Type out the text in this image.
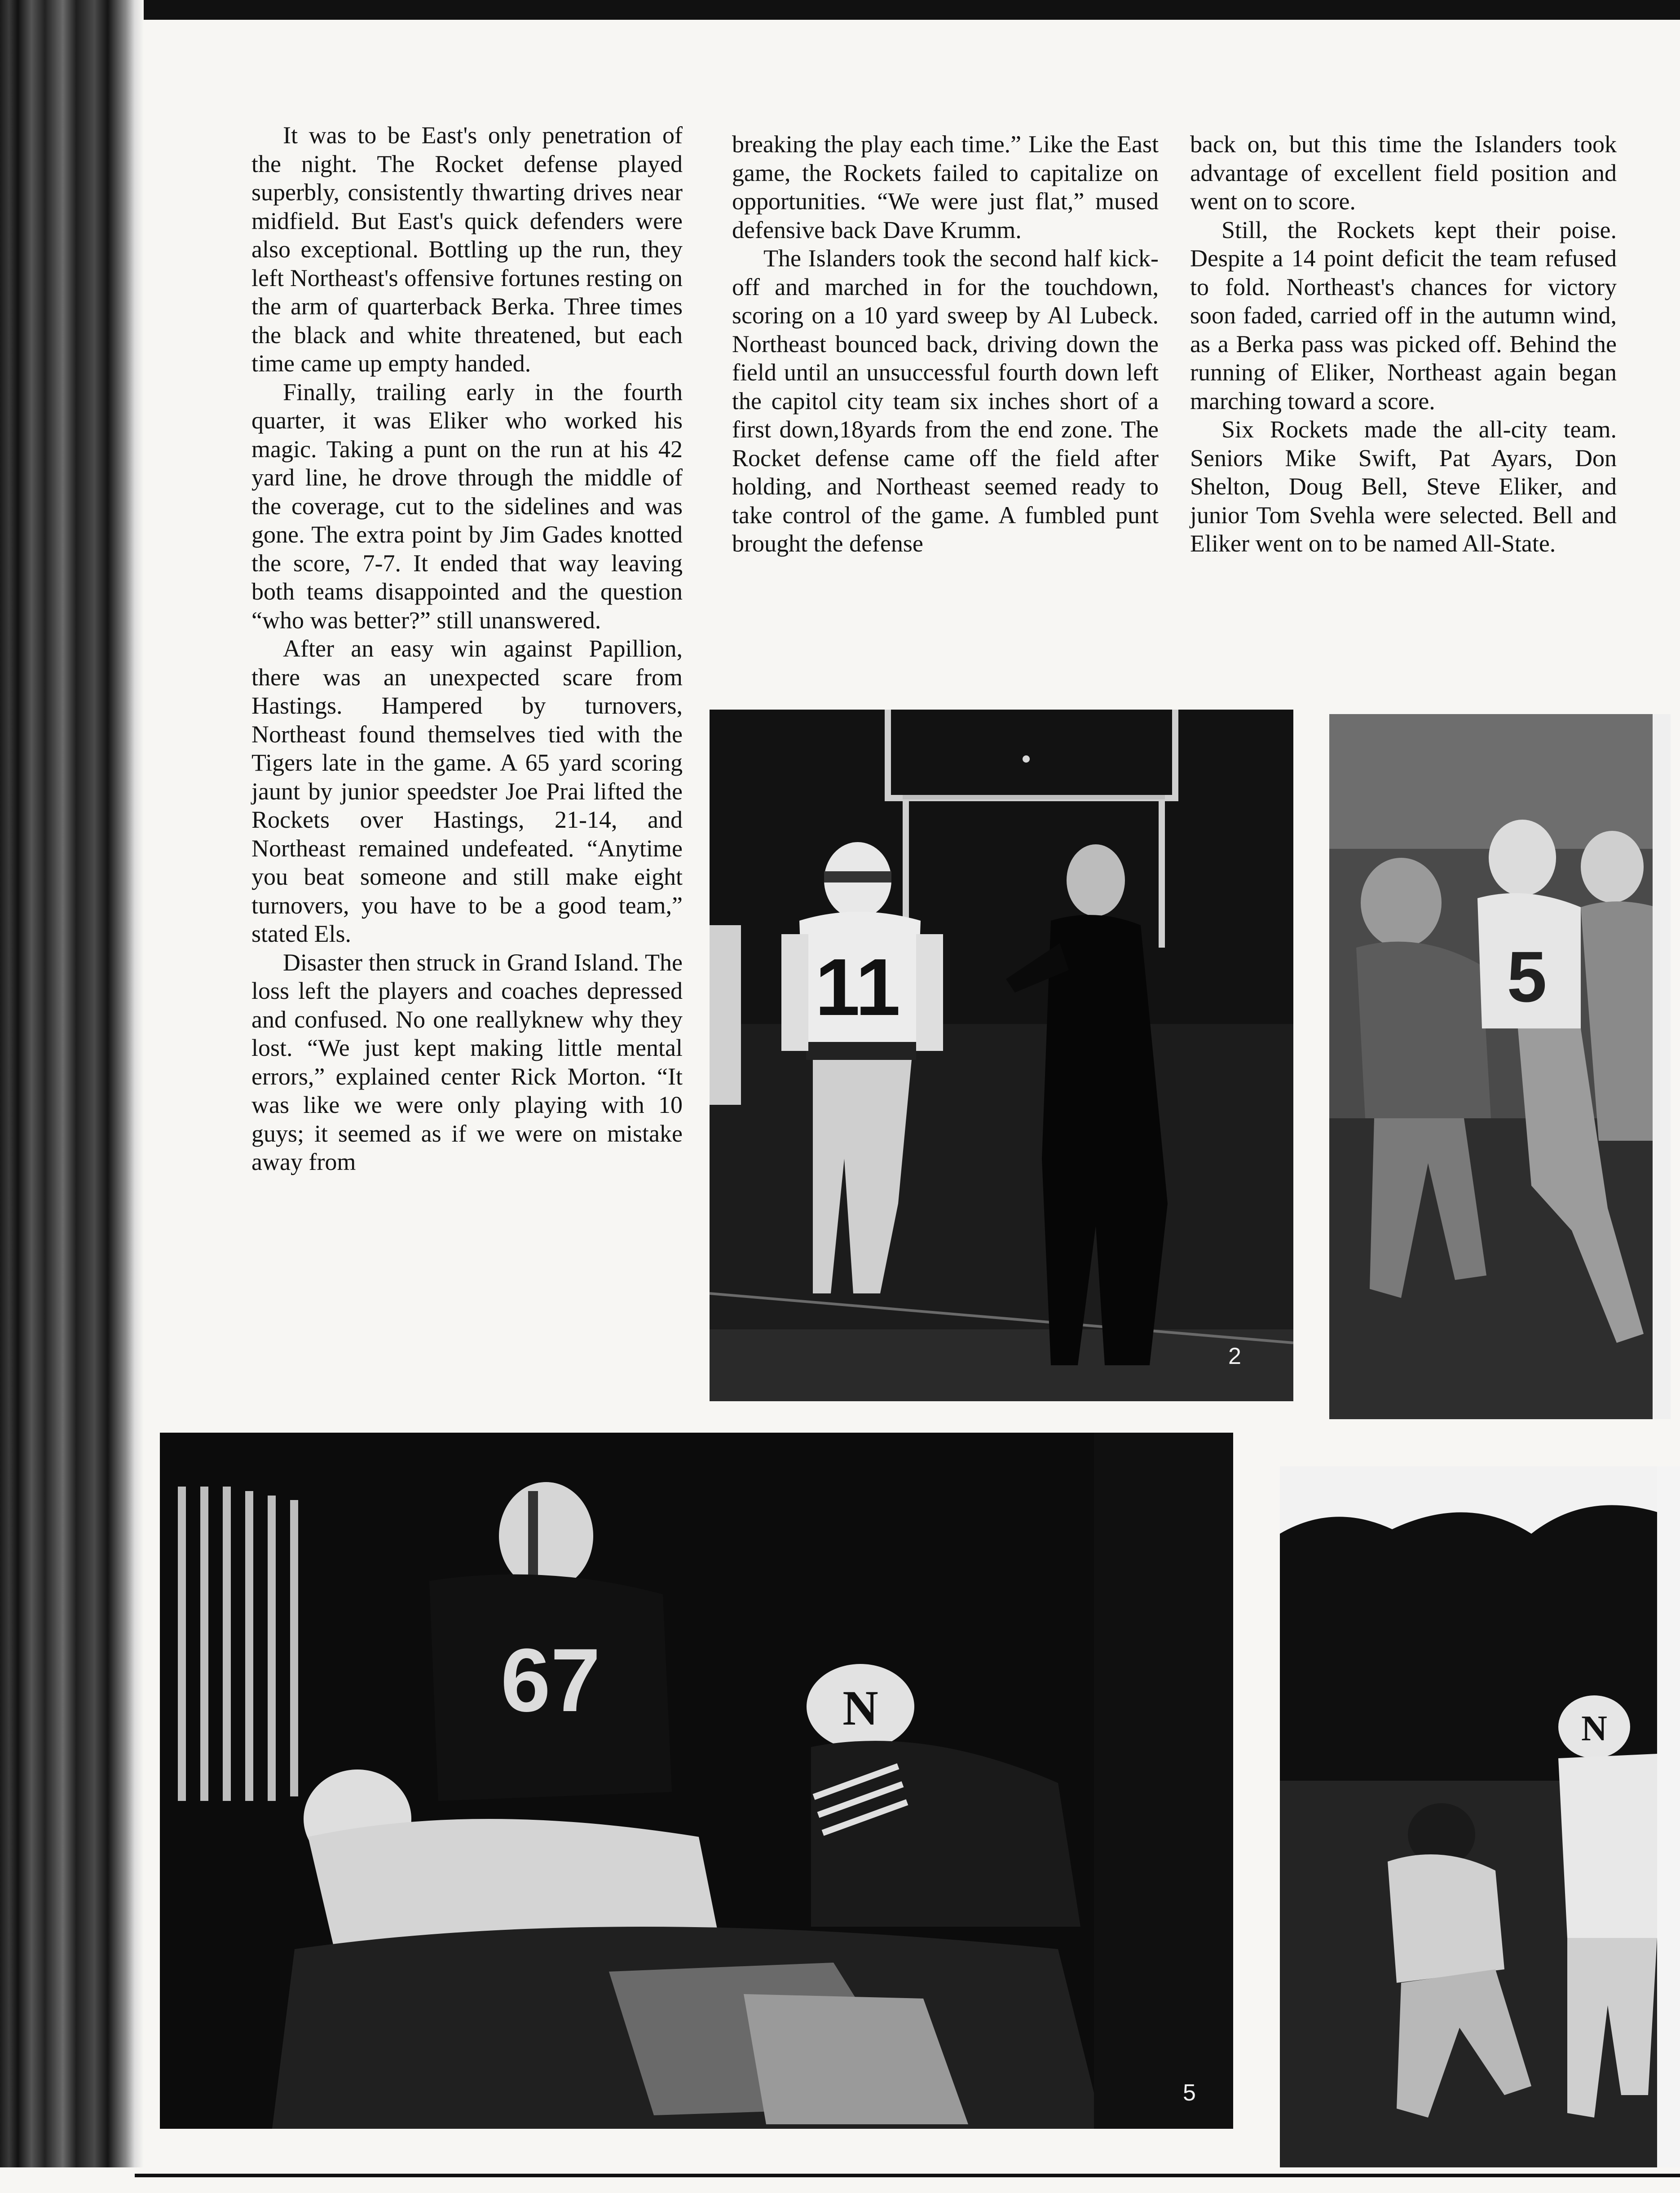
It was to be East's only penetration of the night. The Rocket defense played superbly, consistently thwarting drives near midfield. But East's quick defenders were also exceptional. Bottling up the run, they left Northeast's offensive fortunes resting on the arm of quarterback Berka. Three times the black and white threatened, but each time came up empty handed.

Finally, trailing early in the fourth quarter, it was Eliker who worked his magic. Taking a punt on the run at his 42 yard line, he drove through the middle of the coverage, cut to the sidelines and was gone. The extra point by Jim Gades knotted the score, 7-7. It ended that way leaving both teams disappointed and the question “who was better?” still unanswered.

After an easy win against Papillion, there was an unexpected scare from Hastings. Hampered by turnovers, Northeast found themselves tied with the Tigers late in the game. A 65 yard scoring jaunt by junior speedster Joe Prai lifted the Rockets over Hastings, 21-14, and Northeast remained undefeated. “Anytime you beat someone and still make eight turnovers, you have to be a good team,” stated Els.

Disaster then struck in Grand Island. The loss left the players and coaches depressed and confused. No one reallyknew why they lost. “We just kept making little mental errors,” explained center Rick Morton. “It was like we were only playing with 10 guys; it seemed as if we were on mistake away from

breaking the play each time.” Like the East game, the Rockets failed to capitalize on opportunities. “We were just flat,” mused defensive back Dave Krumm.

The Islanders took the second half kick-off and marched in for the touchdown, scoring on a 10 yard sweep by Al Lubeck. Northeast bounced back, driving down the field until an unsuccessful fourth down left the capitol city team six inches short of a first down,18yards from the end zone. The Rocket defense came off the field after holding, and Northeast seemed ready to take control of the game. A fumbled punt brought the defense

back on, but this time the Islanders took advantage of excellent field position and went on to score.

Still, the Rockets kept their poise. Despite a 14 point deficit the team refused to fold. Northeast's chances for victory soon faded, carried off in the autumn wind, as a Berka pass was picked off. Behind the running of Eliker, Northeast again began marching toward a score.

Six Rockets made the all-city team. Seniors Mike Swift, Pat Ayars, Don Shelton, Doug Bell, Steve Eliker, and junior Tom Svehla were selected. Bell and Eliker went on to be named All-State.

11
2
5
67	N
5
N
